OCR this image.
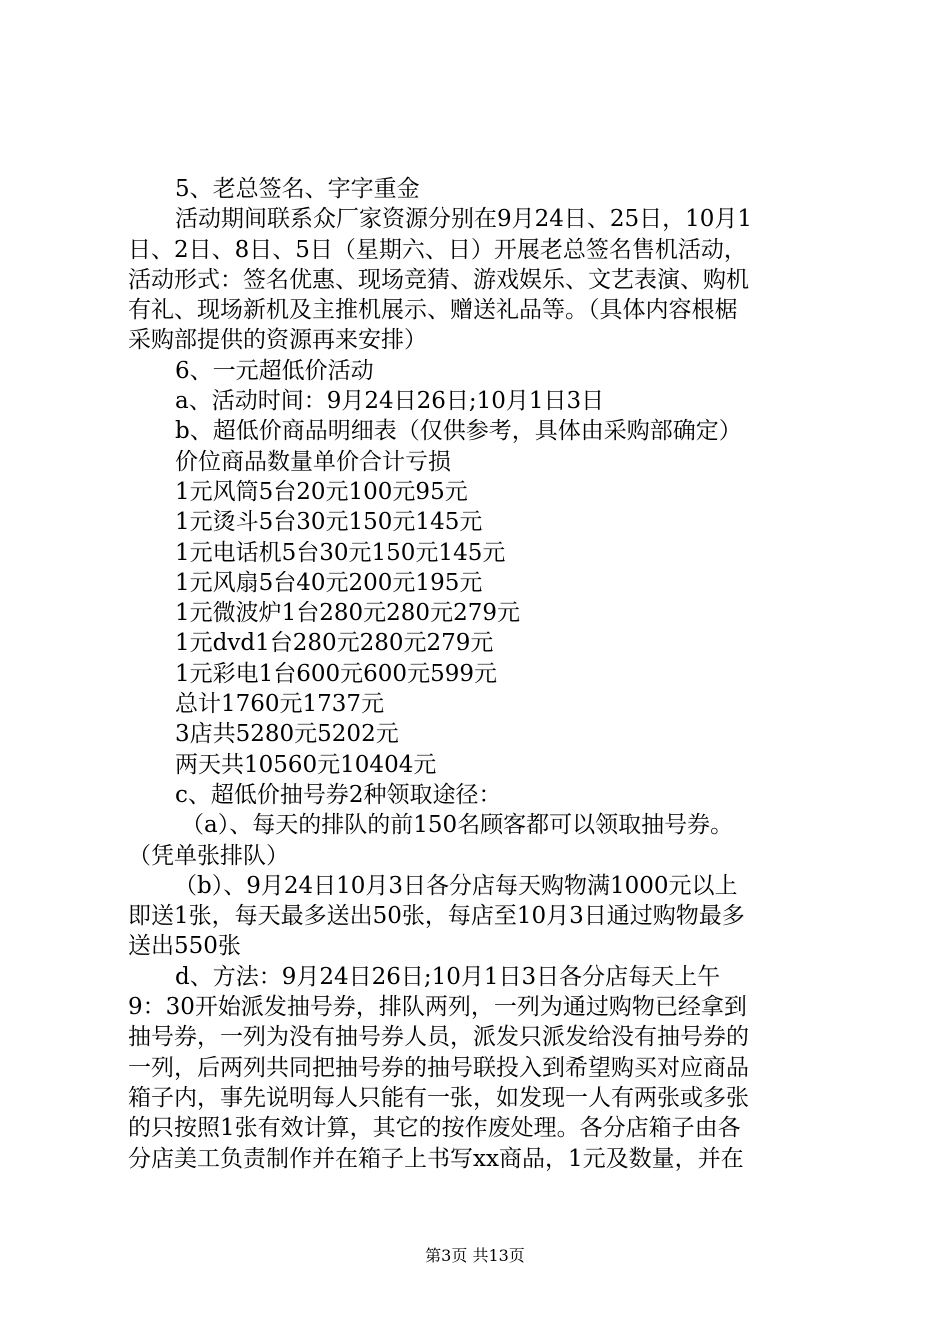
5、老总签名、字字重金
活动期间联系众厂家资源分别在9月24日、25日，10月1
日、2日、8日、5日（星期六、日）开展老总签名售机活动，
活动形式：签名优惠、现场竞猜、游戏娱乐、文艺表演、购机
有礼、现场新机及主推机展示、赠送礼品等。（具体内容根椐
采购部提供的资源再来安排）
6、一元超低价活动
a、活动时间：9月24日26日;10月1日3日
b、超低价商品明细表（仅供参考，具体由采购部确定）
价位商品数量单价合计亏损
1元风筒5台20元100元95元
1元烫斗5台30元150元145元
1元电话机5台30元150元145元
1元风扇5台40元200元195元
1元微波炉1台280元280元279元
1元dvd1台280元280元279元
1元彩电1台600元600元599元
总计1760元1737元
3店共5280元5202元
两天共10560元10404元
c、超低价抽号券2种领取途径：
（a）、每天的排队的前150名顾客都可以领取抽号券。
（凭单张排队）
（b）、9月24日10月3日各分店每天购物满1000元以上
即送1张，每天最多送出50张，每店至10月3日通过购物最多
送出550张
d、方法：9月24日26日;10月1日3日各分店每天上午
9：30开始派发抽号券，排队两列，一列为通过购物已经拿到
抽号券，一列为没有抽号券人员，派发只派发给没有抽号券的
一列，后两列共同把抽号券的抽号联投入到希望购买对应商品
箱子内，事先说明每人只能有一张，如发现一人有两张或多张
的只按照1张有效计算，其它的按作废处理。各分店箱子由各
分店美工负责制作并在箱子上书写xx商品，1元及数量，并在
第3页 共13页
